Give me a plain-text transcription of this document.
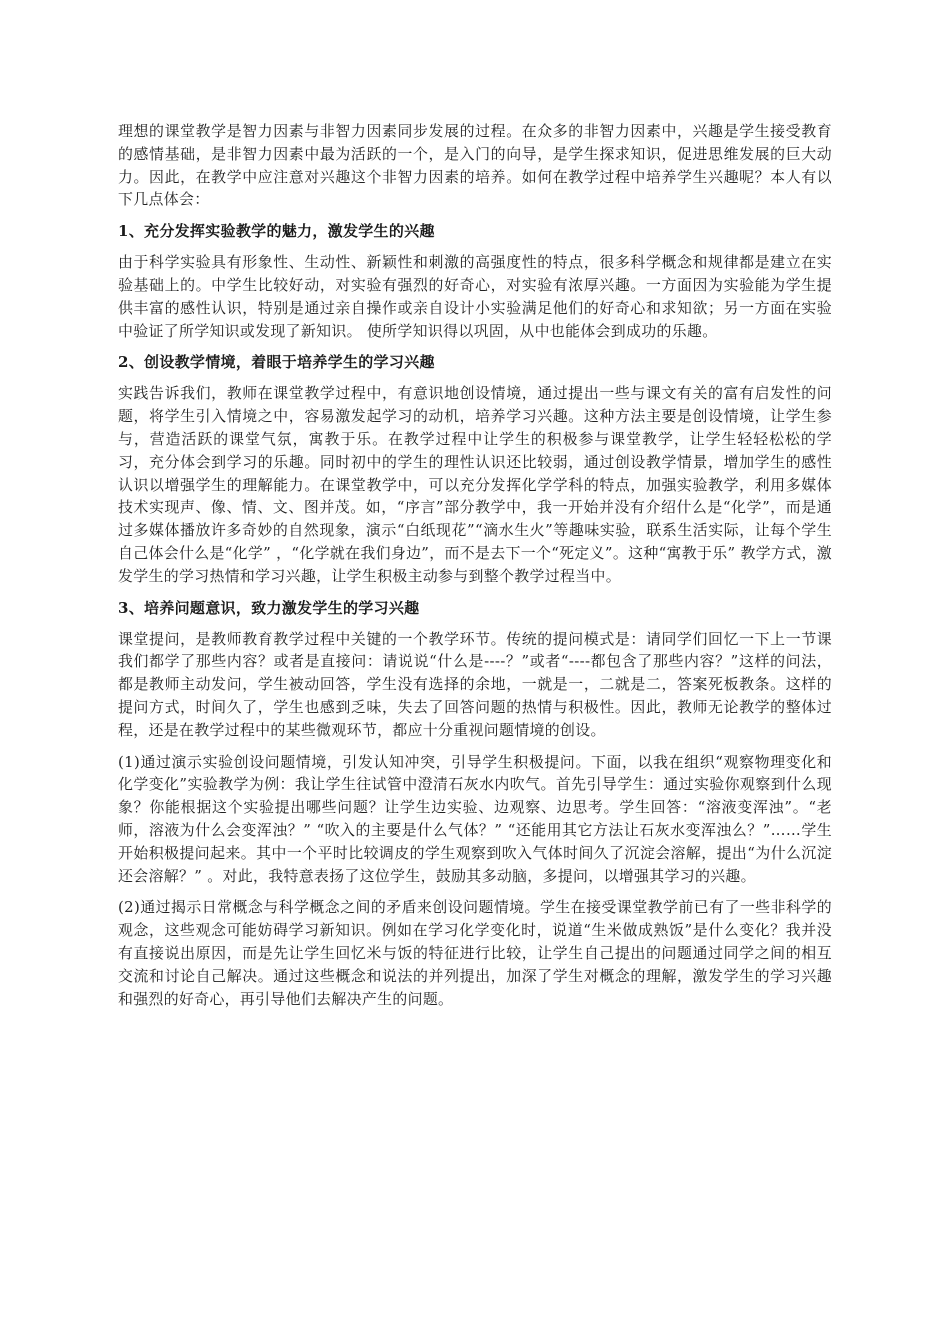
理想的课堂教学是智力因素与非智力因素同步发展的过程。在众多的非智力因素中，兴趣是学生接受教育的感情基础，是非智力因素中最为活跃的一个，是入门的向导，是学生探求知识，促进思维发展的巨大动力。因此，在教学中应注意对兴趣这个非智力因素的培养。如何在教学过程中培养学生兴趣呢？本人有以下几点体会：

1、充分发挥实验教学的魅力，激发学生的兴趣

由于科学实验具有形象性、生动性、新颖性和刺激的高强度性的特点，很多科学概念和规律都是建立在实验基础上的。中学生比较好动，对实验有强烈的好奇心，对实验有浓厚兴趣。一方面因为实验能为学生提供丰富的感性认识，特别是通过亲自操作或亲自设计小实验满足他们的好奇心和求知欲；另一方面在实验中验证了所学知识或发现了新知识。 使所学知识得以巩固，从中也能体会到成功的乐趣。

2、创设教学情境，着眼于培养学生的学习兴趣

实践告诉我们，教师在课堂教学过程中，有意识地创设情境，通过提出一些与课文有关的富有启发性的问题，将学生引入情境之中，容易激发起学习的动机，培养学习兴趣。这种方法主要是创设情境，让学生参与，营造活跃的课堂气氛，寓教于乐。在教学过程中让学生的积极参与课堂教学，让学生轻轻松松的学习，充分体会到学习的乐趣。同时初中的学生的理性认识还比较弱，通过创设教学情景，增加学生的感性认识以增强学生的理解能力。在课堂教学中，可以充分发挥化学学科的特点，加强实验教学，利用多媒体技术实现声、像、情、文、图并茂。如，“序言”部分教学中，我一开始并没有介绍什么是“化学”，而是通过多媒体播放许多奇妙的自然现象，演示“白纸现花”“滴水生火”等趣味实验，联系生活实际，让每个学生自己体会什么是“化学” ，“化学就在我们身边”，而不是去下一个“死定义”。这种“寓教于乐” 教学方式，激发学生的学习热情和学习兴趣，让学生积极主动参与到整个教学过程当中。

3、培养问题意识，致力激发学生的学习兴趣

课堂提问，是教师教育教学过程中关键的一个教学环节。传统的提问模式是：请同学们回忆一下上一节课我们都学了那些内容？或者是直接问：请说说“什么是----？”或者“----都包含了那些内容？”这样的问法，都是教师主动发问，学生被动回答，学生没有选择的余地，一就是一，二就是二，答案死板教条。这样的提问方式，时间久了，学生也感到乏味，失去了回答问题的热情与积极性。因此，教师无论教学的整体过程，还是在教学过程中的某些微观环节，都应十分重视问题情境的创设。

(1)通过演示实验创设问题情境，引发认知冲突，引导学生积极提问。下面，以我在组织“观察物理变化和化学变化”实验教学为例：我让学生往试管中澄清石灰水内吹气。首先引导学生：通过实验你观察到什么现象？你能根据这个实验提出哪些问题？让学生边实验、边观察、边思考。学生回答：“溶液变浑浊”。“老师，溶液为什么会变浑浊？” “吹入的主要是什么气体？” “还能用其它方法让石灰水变浑浊么？”……学生开始积极提问起来。其中一个平时比较调皮的学生观察到吹入气体时间久了沉淀会溶解，提出“为什么沉淀还会溶解？” 。对此，我特意表扬了这位学生，鼓励其多动脑，多提问，以增强其学习的兴趣。

(2)通过揭示日常概念与科学概念之间的矛盾来创设问题情境。学生在接受课堂教学前已有了一些非科学的观念，这些观念可能妨碍学习新知识。例如在学习化学变化时，说道“生米做成熟饭”是什么变化？我并没有直接说出原因，而是先让学生回忆米与饭的特征进行比较，让学生自己提出的问题通过同学之间的相互交流和讨论自己解决。通过这些概念和说法的并列提出，加深了学生对概念的理解，激发学生的学习兴趣和强烈的好奇心，再引导他们去解决产生的问题。
